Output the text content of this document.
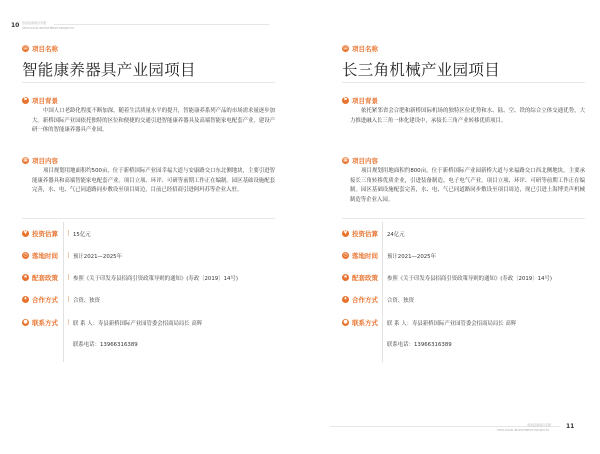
10 寿县招商项目手册
SHOUXIAN INVESTMENT PROJECTS
▤ 项目名称
智能康养器具产业园项目
⚑ 项目背景
中国人口老龄化程度不断加深，随着生活质量水平的提升，智能康养系列产品的市场需求量逐步加大。新桥国际产业园依托独特的区位和便捷的交通引进智能康养器具及高端智能家电配套产业，建设产研一体的智能康养器具产业园。
▦ 项目内容
项目规划用地面积约500亩，位于新桥国际产业园幸福大道与安康路交口东北侧地块，主要引进智能康养器具和高端智能家电配套产业。项目立项、环评、可研等前期工作正在编制。园区基础设施配套完善，水、电、气已同道路同步敷设至项目周边，目前已经招商引进阿玛苏等企业入驻。
¥ 投资估算	15亿元
◷ 落地时间	预计2021—2025年
★ 配套政策	参照《关于印发寿县招商引资政策导则的通知》(寿政〔2019〕14号)
✦ 合作方式	合资、独资
● 联系方式	联 系 人：寿县新桥国际产业园管委会招商局局长 高辉
联系电话：13966316389
▤ 项目名称
长三角机械产业园项目
⚑ 项目背景
依托紧邻省会合肥和新桥国际机场的独特区位优势和水、陆、空、铁的综合立体交通优势，大力推进融入长三角一体化建设中，承接长三角产业转移优质项目。
▦ 项目内容
项目规划用地面积约800亩，位于新桥国际产业园新桥大道与来福路交口西北侧地块，主要承接长三角转移优质企业，引进装备制造、电子电气产业。项目立项、环评、可研等前期工作正在编制。园区基础设施配套完善，水、电、气已同道路同步敷设至项目周边，现已引进上海博美声机械制造等企业入园。
¥ 投资估算 24亿元
◷ 落地时间 预计2021—2025年
★ 配套政策 参照《关于印发寿县招商引资政策导则的通知》(寿政〔2019〕14号)
✦ 合作方式 合资、独资
● 联系方式 联 系 人：寿县新桥国际产业园管委会招商局局长 高辉
联系电话：13966316389
寿县招商项目手册
SHOUXIAN INVESTMENT PROJECTS	11
